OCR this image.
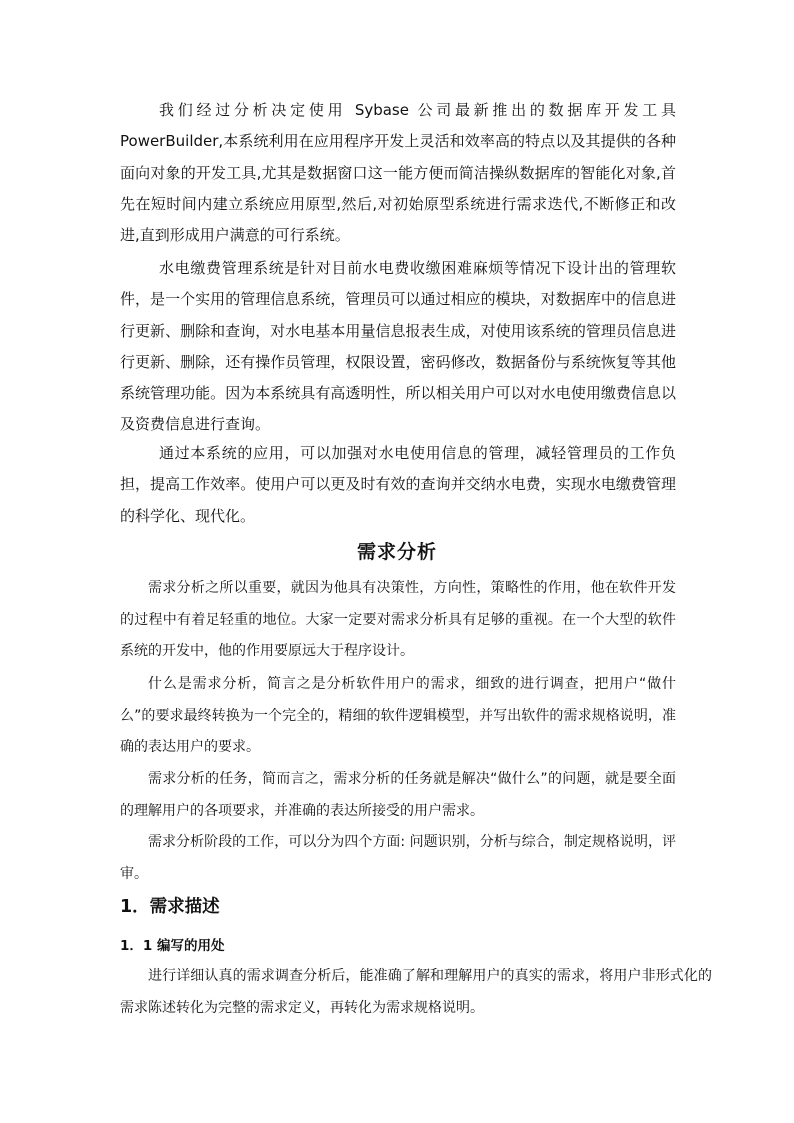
我们经过分析决定使用 Sybase 公司最新推出的数据库开发工具PowerBuilder,本系统利用在应用程序开发上灵活和效率高的特点以及其提供的各种面向对象的开发工具,尤其是数据窗口这一能方便而简洁操纵数据库的智能化对象,首先在短时间内建立系统应用原型,然后,对初始原型系统进行需求迭代,不断修正和改进,直到形成用户满意的可行系统。

水电缴费管理系统是针对目前水电费收缴困难麻烦等情况下设计出的管理软件，是一个实用的管理信息系统，管理员可以通过相应的模块，对数据库中的信息进行更新、删除和查询，对水电基本用量信息报表生成，对使用该系统的管理员信息进行更新、删除，还有操作员管理，权限设置，密码修改，数据备份与系统恢复等其他系统管理功能。因为本系统具有高透明性，所以相关用户可以对水电使用缴费信息以及资费信息进行查询。

通过本系统的应用，可以加强对水电使用信息的管理，减轻管理员的工作负担，提高工作效率。使用户可以更及时有效的查询并交纳水电费，实现水电缴费管理的科学化、现代化。

需求分析

需求分析之所以重要，就因为他具有决策性，方向性，策略性的作用，他在软件开发的过程中有着足轻重的地位。大家一定要对需求分析具有足够的重视。在一个大型的软件系统的开发中，他的作用要原远大于程序设计。

什么是需求分析，简言之是分析软件用户的需求，细致的进行调查，把用户“做什么”的要求最终转换为一个完全的，精细的软件逻辑模型，并写出软件的需求规格说明，准确的表达用户的要求。

需求分析的任务，简而言之，需求分析的任务就是解决“做什么”的问题，就是要全面的理解用户的各项要求，并准确的表达所接受的用户需求。

需求分析阶段的工作，可以分为四个方面: 问题识别，分析与综合，制定规格说明，评审。

1．需求描述
1．1 编写的用处

进行详细认真的需求调查分析后，能准确了解和理解用户的真实的需求，将用户非形式化的需求陈述转化为完整的需求定义，再转化为需求规格说明。
